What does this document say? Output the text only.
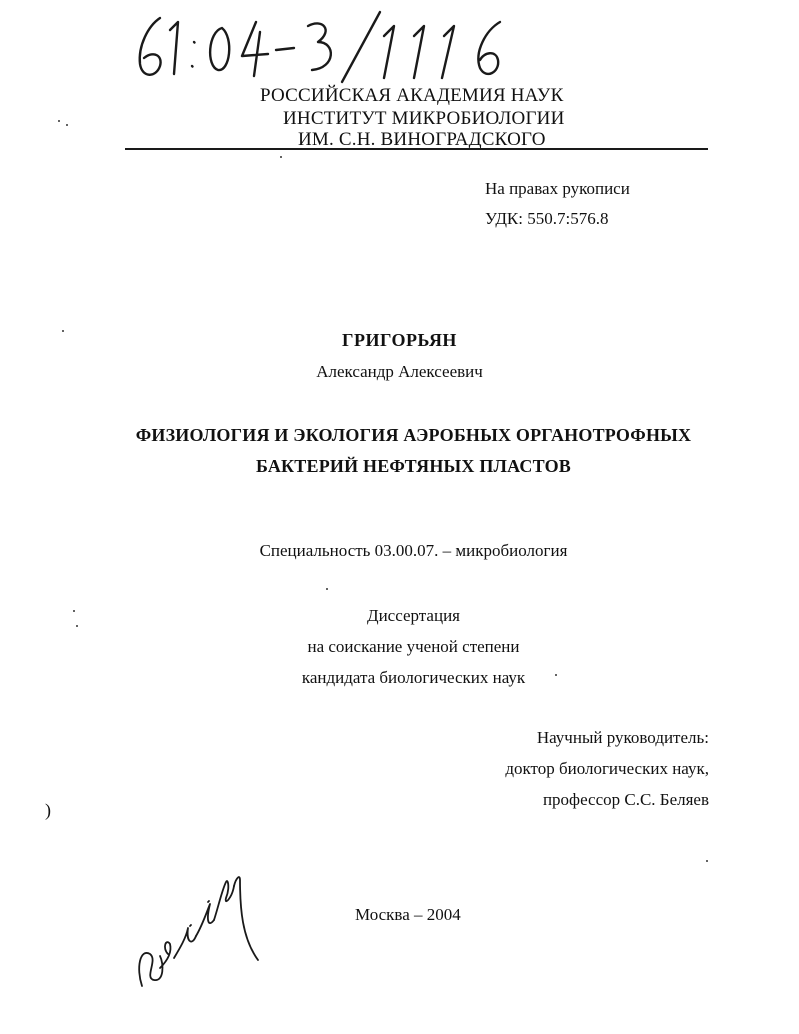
РОССИЙСКАЯ АКАДЕМИЯ НАУК
ИНСТИТУТ МИКРОБИОЛОГИИ
ИМ. С.Н. ВИНОГРАДСКОГО
На правах рукописи
УДК: 550.7:576.8
ГРИГОРЬЯН
Александр Алексеевич
ФИЗИОЛОГИЯ И ЭКОЛОГИЯ АЭРОБНЫХ ОРГАНОТРОФНЫХ
БАКТЕРИЙ НЕФТЯНЫХ ПЛАСТОВ
Специальность 03.00.07. – микробиология
Диссертация
на соискание ученой степени
кандидата биологических наук
Научный руководитель:
доктор биологических наук,
профессор С.С. Беляев
Москва – 2004
)
